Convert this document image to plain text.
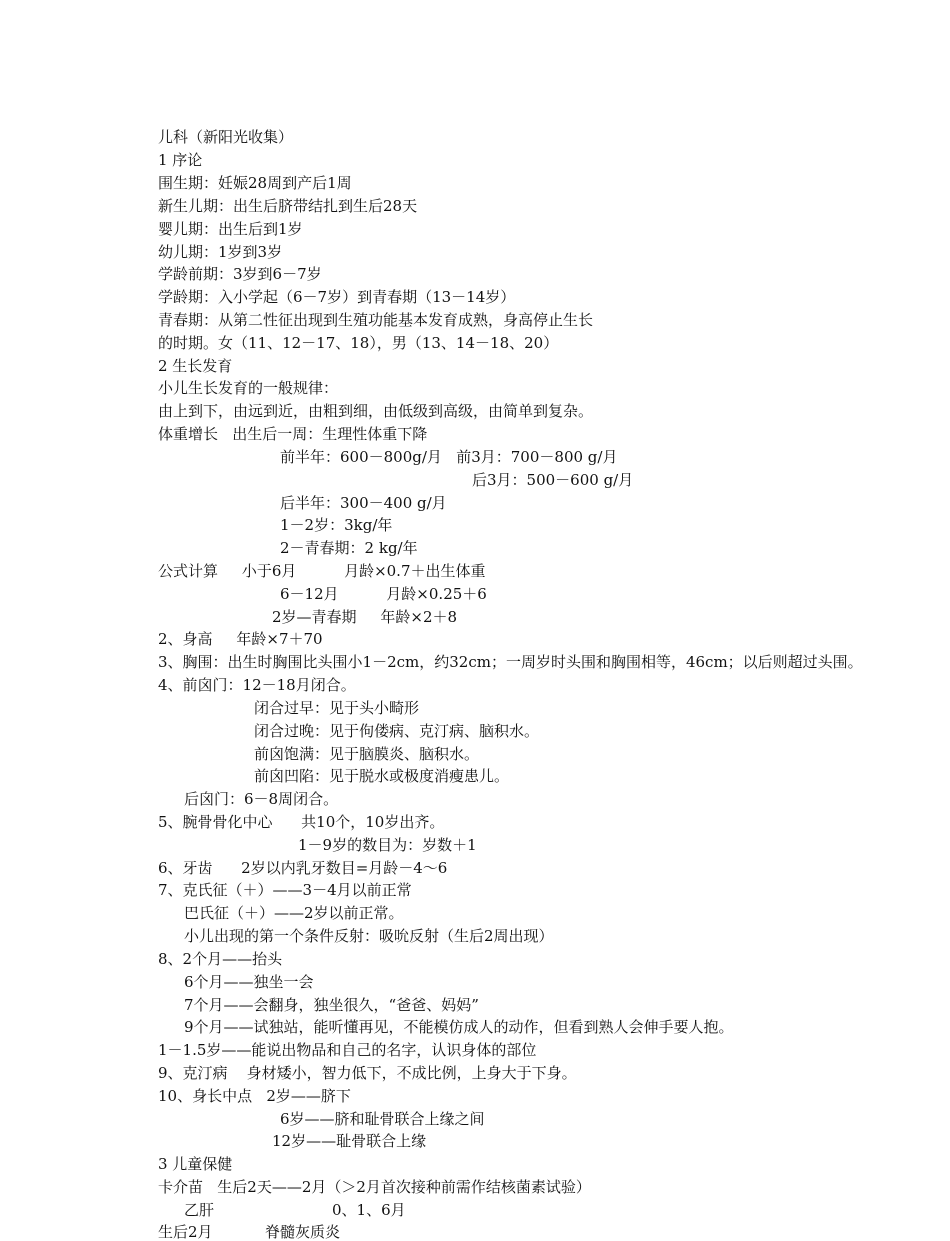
儿科（新阳光收集）
1 序论
围生期：妊娠28周到产后1周
新生儿期：出生后脐带结扎到生后28天
婴儿期：出生后到1岁
幼儿期：1岁到3岁
学龄前期：3岁到6－7岁
学龄期：入小学起（6－7岁）到青春期（13－14岁）
青春期：从第二性征出现到生殖功能基本发育成熟，身高停止生长
的时期。女（11、12－17、18），男（13、14－18、20）
2 生长发育
小儿生长发育的一般规律：
由上到下，由远到近，由粗到细，由低级到高级，由简单到复杂。
体重增长   出生后一周：生理性体重下降
前半年：600－800g/月   前3月：700－800 g/月
后3月：500－600 g/月
后半年：300－400 g/月
1－2岁：3kg/年
2－青春期：2 kg/年
公式计算     小于6月          月龄×0.7＋出生体重
6－12月          月龄×0.25＋6
2岁—青春期     年龄×2＋8
2、身高     年龄×7＋70
3、胸围：出生时胸围比头围小1－2cm，约32cm；一周岁时头围和胸围相等，46cm；以后则超过头围。
4、前囟门：12－18月闭合。
闭合过早：见于头小畸形
闭合过晚：见于佝偻病、克汀病、脑积水。
前囟饱满：见于脑膜炎、脑积水。
前囟凹陷：见于脱水或极度消瘦患儿。
后囟门：6－8周闭合。
5、腕骨骨化中心      共10个，10岁出齐。
1－9岁的数目为：岁数＋1
6、牙齿      2岁以内乳牙数目=月龄－4～6
7、克氏征（＋）——3－4月以前正常
巴氏征（＋）——2岁以前正常。
小儿出现的第一个条件反射：吸吮反射（生后2周出现）
8、2个月——抬头
6个月——独坐一会
7个月——会翻身，独坐很久，“爸爸、妈妈”
9个月——试独站，能听懂再见，不能模仿成人的动作，但看到熟人会伸手要人抱。
1－1.5岁——能说出物品和自己的名字，认识身体的部位
9、克汀病    身材矮小，智力低下，不成比例，上身大于下身。
10、身长中点   2岁——脐下
6岁——脐和耻骨联合上缘之间
12岁——耻骨联合上缘
3 儿童保健
卡介苗   生后2天——2月（＞2月首次接种前需作结核菌素试验）
乙肝	0、1、6月
生后2月           脊髓灰质炎
